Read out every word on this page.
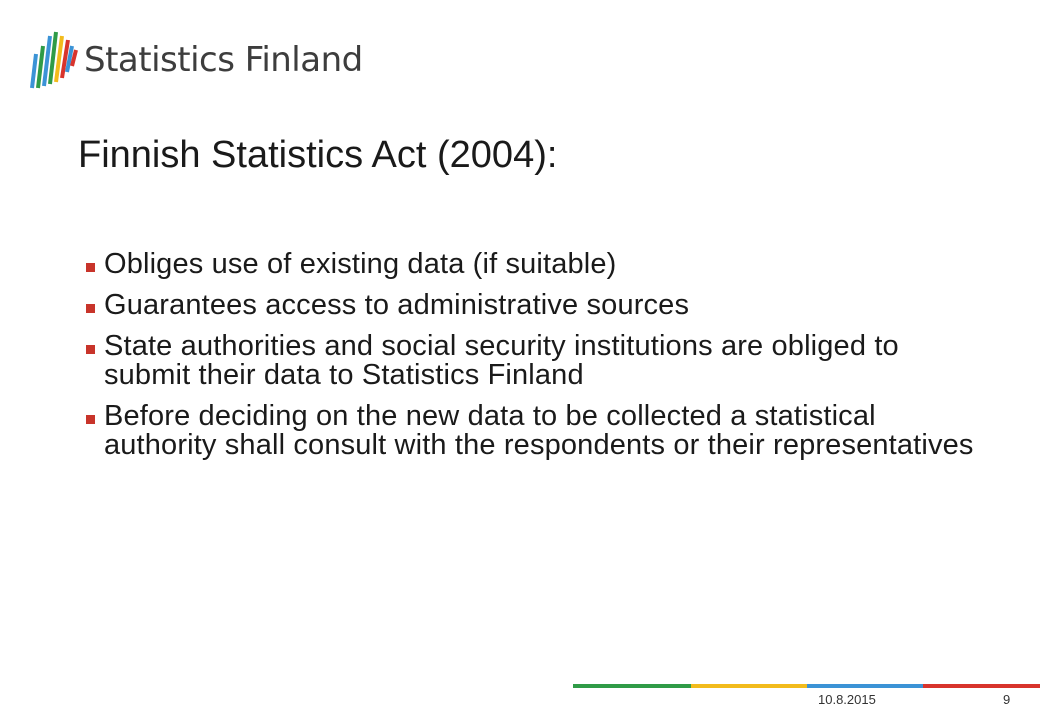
Statistics Finland
Finnish Statistics Act (2004):
Obliges use of existing data (if suitable)
Guarantees access to administrative sources
State authorities and social security institutions are obliged to submit their data to Statistics Finland
Before deciding on the new data to be collected a statistical authority shall consult with the respondents or their representatives
10.8.2015	9
